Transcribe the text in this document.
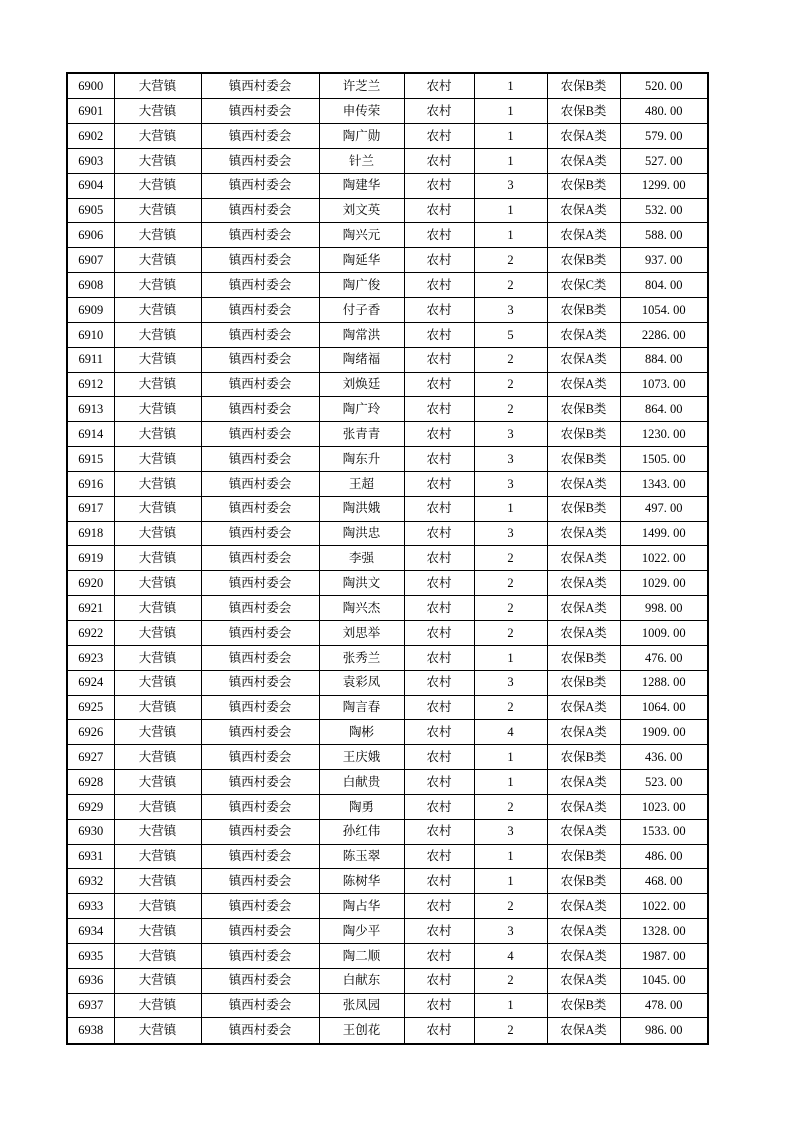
6900	大营镇	镇西村委会	许芝兰	农村	1	农保B类	520. 00
6901	大营镇	镇西村委会	申传荣	农村	1	农保B类	480. 00
6902	大营镇	镇西村委会	陶广勋	农村	1	农保A类	579. 00
6903	大营镇	镇西村委会	针兰	农村	1	农保A类	527. 00
6904	大营镇	镇西村委会	陶建华	农村	3	农保B类	1299. 00
6905	大营镇	镇西村委会	刘文英	农村	1	农保A类	532. 00
6906	大营镇	镇西村委会	陶兴元	农村	1	农保A类	588. 00
6907	大营镇	镇西村委会	陶延华	农村	2	农保B类	937. 00
6908	大营镇	镇西村委会	陶广俊	农村	2	农保C类	804. 00
6909	大营镇	镇西村委会	付子香	农村	3	农保B类	1054. 00
6910	大营镇	镇西村委会	陶常洪	农村	5	农保A类	2286. 00
6911	大营镇	镇西村委会	陶绪福	农村	2	农保A类	884. 00
6912	大营镇	镇西村委会	刘焕廷	农村	2	农保A类	1073. 00
6913	大营镇	镇西村委会	陶广玲	农村	2	农保B类	864. 00
6914	大营镇	镇西村委会	张青青	农村	3	农保B类	1230. 00
6915	大营镇	镇西村委会	陶东升	农村	3	农保B类	1505. 00
6916	大营镇	镇西村委会	王超	农村	3	农保A类	1343. 00
6917	大营镇	镇西村委会	陶洪娥	农村	1	农保B类	497. 00
6918	大营镇	镇西村委会	陶洪忠	农村	3	农保A类	1499. 00
6919	大营镇	镇西村委会	李强	农村	2	农保A类	1022. 00
6920	大营镇	镇西村委会	陶洪文	农村	2	农保A类	1029. 00
6921	大营镇	镇西村委会	陶兴杰	农村	2	农保A类	998. 00
6922	大营镇	镇西村委会	刘思举	农村	2	农保A类	1009. 00
6923	大营镇	镇西村委会	张秀兰	农村	1	农保B类	476. 00
6924	大营镇	镇西村委会	袁彩凤	农村	3	农保B类	1288. 00
6925	大营镇	镇西村委会	陶言春	农村	2	农保A类	1064. 00
6926	大营镇	镇西村委会	陶彬	农村	4	农保A类	1909. 00
6927	大营镇	镇西村委会	王庆娥	农村	1	农保B类	436. 00
6928	大营镇	镇西村委会	白献贵	农村	1	农保A类	523. 00
6929	大营镇	镇西村委会	陶勇	农村	2	农保A类	1023. 00
6930	大营镇	镇西村委会	孙红伟	农村	3	农保A类	1533. 00
6931	大营镇	镇西村委会	陈玉翠	农村	1	农保B类	486. 00
6932	大营镇	镇西村委会	陈树华	农村	1	农保B类	468. 00
6933	大营镇	镇西村委会	陶占华	农村	2	农保A类	1022. 00
6934	大营镇	镇西村委会	陶少平	农村	3	农保A类	1328. 00
6935	大营镇	镇西村委会	陶二顺	农村	4	农保A类	1987. 00
6936	大营镇	镇西村委会	白献东	农村	2	农保A类	1045. 00
6937	大营镇	镇西村委会	张凤园	农村	1	农保B类	478. 00
6938	大营镇	镇西村委会	王创花	农村	2	农保A类	986. 00
